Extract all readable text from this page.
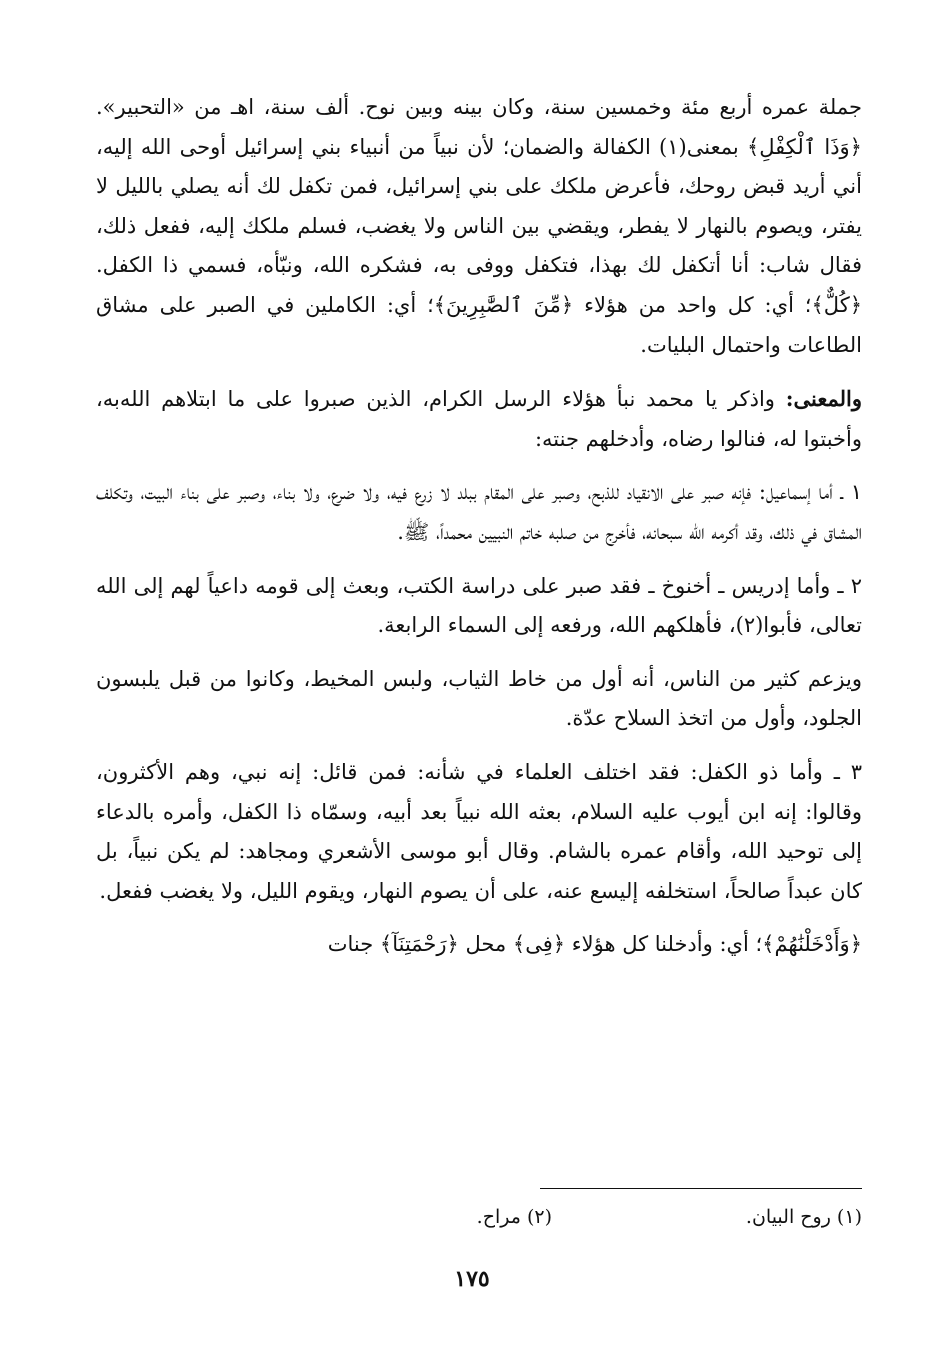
جملة عمره أربع مئة وخمسين سنة، وكان بينه وبين نوح. ألف سنة، اهـ من «التحبير». ﴿وَذَا ٱلْكِفْلِ﴾ بمعنى(١) الكفالة والضمان؛ لأن نبياً من أنبياء بني إسرائيل أوحى الله إليه، أني أريد قبض روحك، فأعرض ملكك على بني إسرائيل، فمن تكفل لك أنه يصلي بالليل لا يفتر، ويصوم بالنهار لا يفطر، ويقضي بين الناس ولا يغضب، فسلم ملكك إليه، ففعل ذلك، فقال شاب: أنا أتكفل لك بهذا، فتكفل ووفى به، فشكره الله، ونبّأه، فسمي ذا الكفل. ﴿كُلٌّ﴾؛ أي: كل واحد من هؤلاء ﴿مِّنَ ٱلصَّٰبِرِينَ﴾؛ أي: الكاملين في الصبر على مشاق الطاعات واحتمال البليات.

والمعنى: واذكر يا محمد نبأ هؤلاء الرسل الكرام، الذين صبروا على ما ابتلاهم الله‌به، وأخبتوا له، فنالوا رضاه، وأدخلهم جنته:

١ ـ أما إسماعيل: فإنه صبر على الانقياد للذبح، وصبر على المقام ببلد لا زرع فيه، ولا ضرع، ولا بناء، وصبر على بناء البيت، وتكلف المشاق في ذلك، وقد أكرمه الله سبحانه، فأخرج من صلبه خاتم النبيين محمداً، ﷺ.

٢ ـ وأما إدريس ـ أخنوخ ـ فقد صبر على دراسة الكتب، وبعث إلى قومه داعياً لهم إلى الله تعالى، فأبوا(٢)، فأهلكهم الله، ورفعه إلى السماء الرابعة.

ويزعم كثير من الناس، أنه أول من خاط الثياب، ولبس المخيط، وكانوا من قبل يلبسون الجلود، وأول من اتخذ السلاح عدّة.

٣ ـ وأما ذو الكفل: فقد اختلف العلماء في شأنه: فمن قائل: إنه نبي، وهم الأكثرون، وقالوا: إنه ابن أيوب عليه السلام، بعثه الله نبياً بعد أبيه، وسمّاه ذا الكفل، وأمره بالدعاء إلى توحيد الله، وأقام عمره بالشام. وقال أبو موسى الأشعري ومجاهد: لم يكن نبياً، بل كان عبداً صالحاً، استخلفه إليسع عنه، على أن يصوم النهار، ويقوم الليل، ولا يغضب ففعل.

﴿وَأَدْخَلْنَٰهُمْ﴾؛ أي: وأدخلنا كل هؤلاء ﴿فِى﴾ محل ﴿رَحْمَتِنَآ﴾ جنات

(١) روح البيان.
(٢) مراح.
١٧٥
